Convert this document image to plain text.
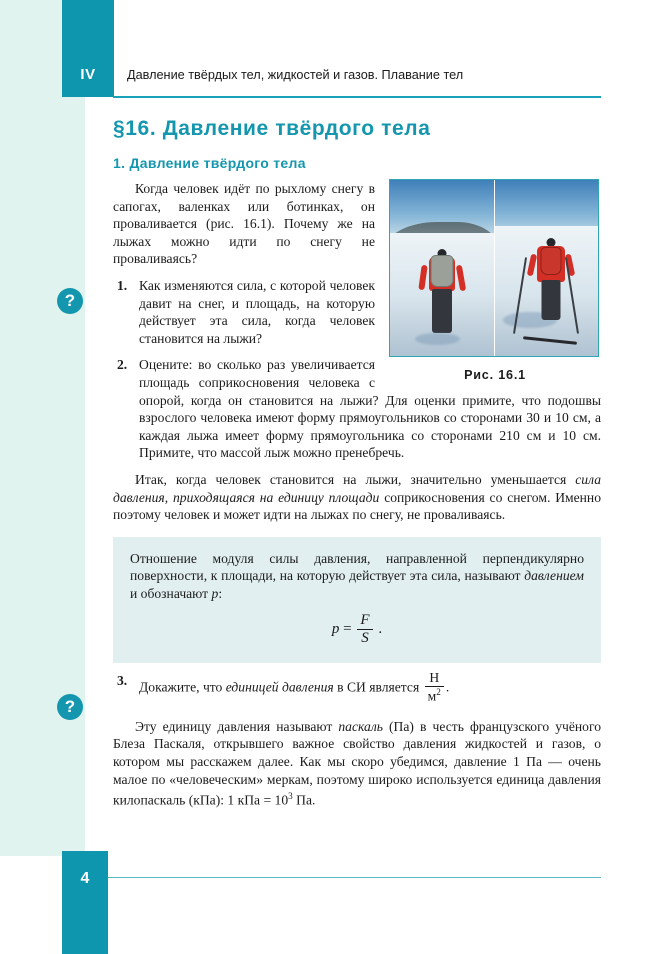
IV	Давление твёрдых тел, жидкостей и газов. Плавание тел
4
?
?
§16. Давление твёрдого тела
1. Давление твёрдого тела
Рис. 16.1

Когда человек идёт по рыхлому снегу в сапогах, валенках или ботинках, он проваливается (рис. 16.1). Почему же на лыжах можно идти по снегу не проваливаясь?

1. Как изменяются сила, с которой человек давит на снег, и площадь, на которую действует эта сила, когда человек становится на лыжи?
2. Оцените: во сколько раз увеличивается площадь соприкосновения человека с опорой, когда он становится на лыжи? Для оценки примите, что подошвы взрослого человека имеют форму прямоугольников со сторонами 30 и 10 см, а каждая лыжа имеет форму прямоугольника со сторонами 210 см и 10 см. Примите, что массой лыж можно пренебречь.

Итак, когда человек становится на лыжи, значительно уменьшается сила давления, приходящаяся на единицу площади соприкосновения со снегом. Именно поэтому человек и может идти на лыжах по снегу, не проваливаясь.

Отношение модуля силы давления, направленной перпендикулярно поверхности, к площади, на которую действует эта сила, называют давлением и обозначают p:

$p = \frac{F}{S}$ .
3. Докажите, что единицей давления в СИ является $\frac{Н}{м^2}$ .

Эту единицу давления называют паскаль (Па) в честь французского учёного Блеза Паскаля, открывшего важное свойство давления жидкостей и газов, о котором мы расскажем далее. Как мы скоро убедимся, давление 1 Па — очень малое по «человеческим» меркам, поэтому широко используется единица давления килопаскаль (кПа): 1 кПа = $10^3$ Па.
